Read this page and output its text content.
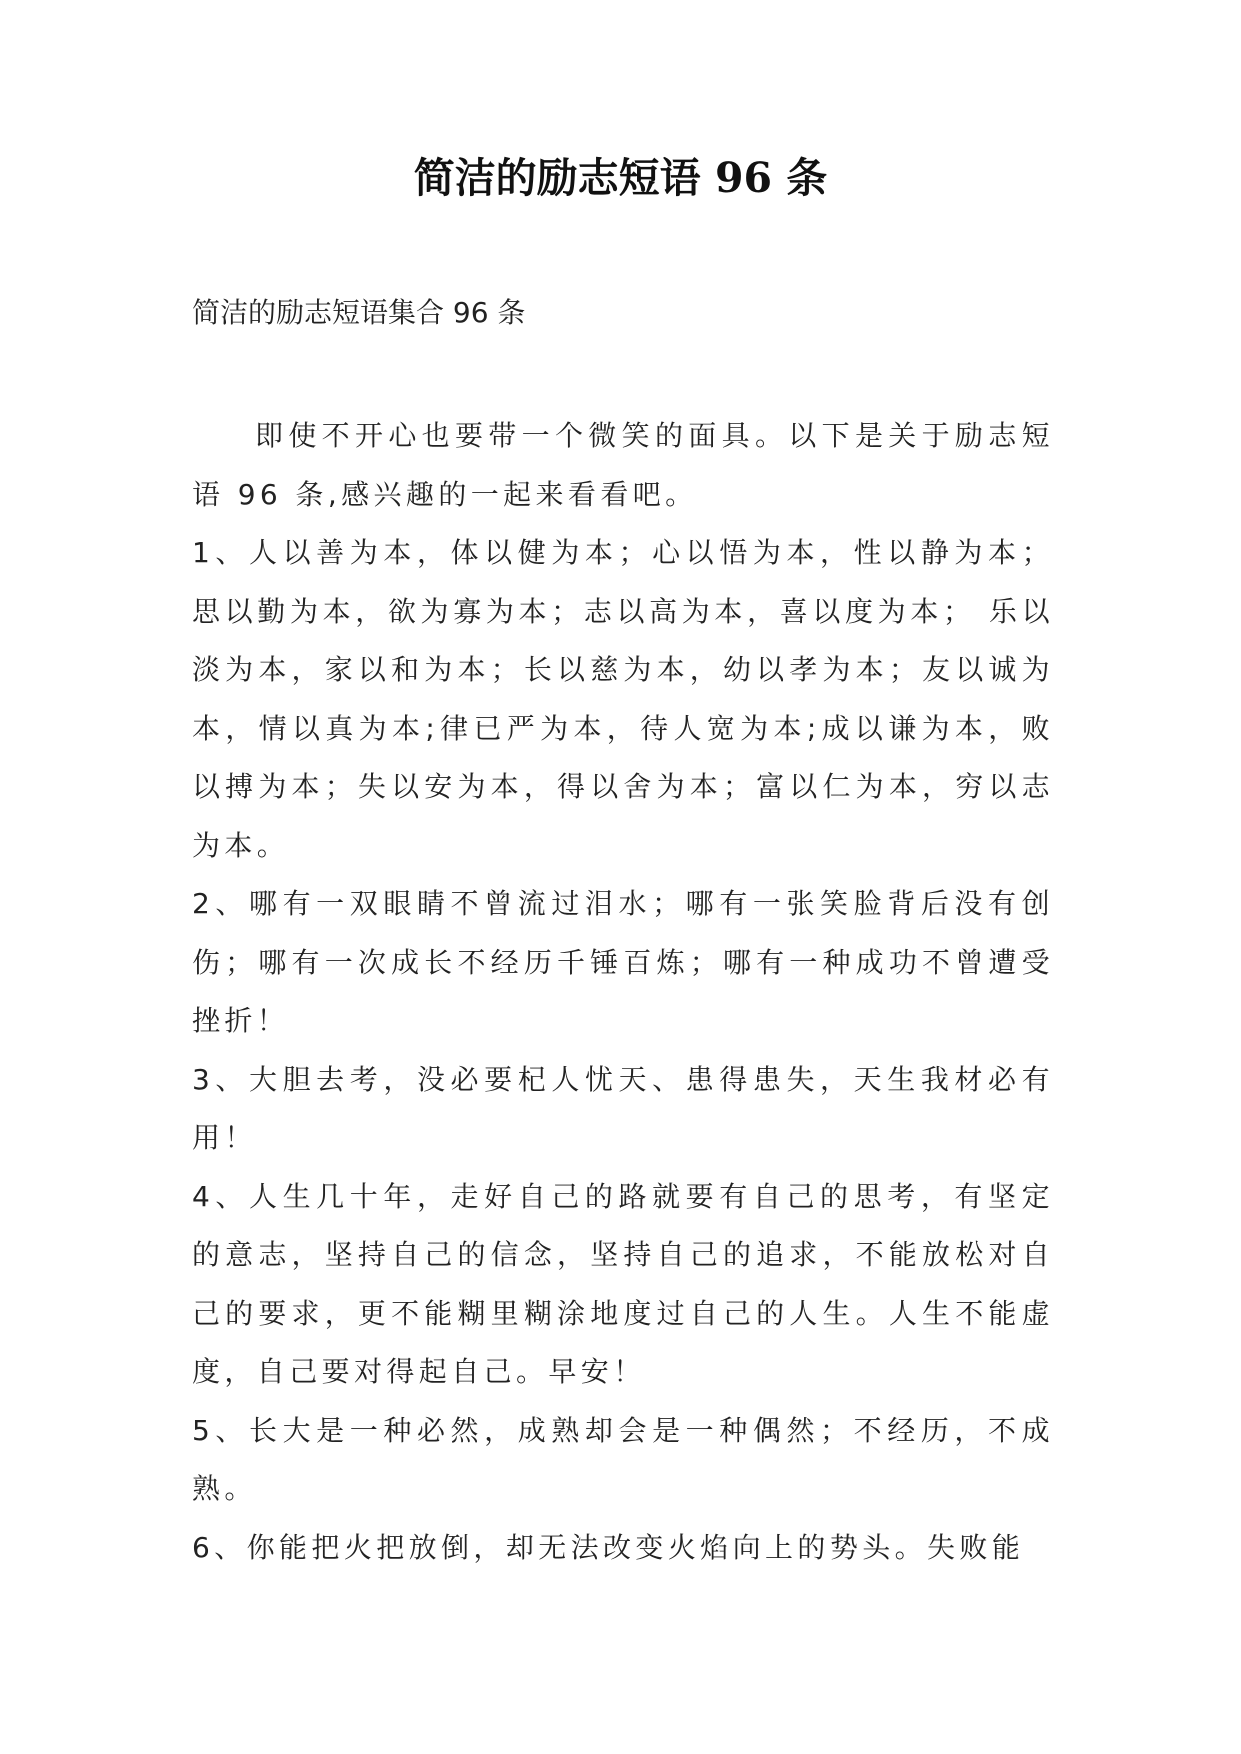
简洁的励志短语 96 条
简洁的励志短语集合 96 条

即使不开心也要带一个微笑的面具。以下是关于励志短语 96 条,感兴趣的一起来看看吧。

1、人以善为本，体以健为本；心以悟为本，性以静为本；思以勤为本，欲为寡为本；志以高为本，喜以度为本； 乐以淡为本，家以和为本；长以慈为本，幼以孝为本；友以诚为本，情以真为本;律已严为本，待人宽为本;成以谦为本，败以搏为本；失以安为本，得以舍为本；富以仁为本，穷以志为本。

2、哪有一双眼睛不曾流过泪水；哪有一张笑脸背后没有创伤；哪有一次成长不经历千锤百炼；哪有一种成功不曾遭受挫折！

3、大胆去考，没必要杞人忧天、患得患失，天生我材必有用！

4、人生几十年，走好自己的路就要有自己的思考，有坚定的意志，坚持自己的信念，坚持自己的追求，不能放松对自己的要求，更不能糊里糊涂地度过自己的人生。人生不能虚度，自己要对得起自己。早安！

5、长大是一种必然，成熟却会是一种偶然；不经历，不成熟。

6、你能把火把放倒，却无法改变火焰向上的势头。失败能
